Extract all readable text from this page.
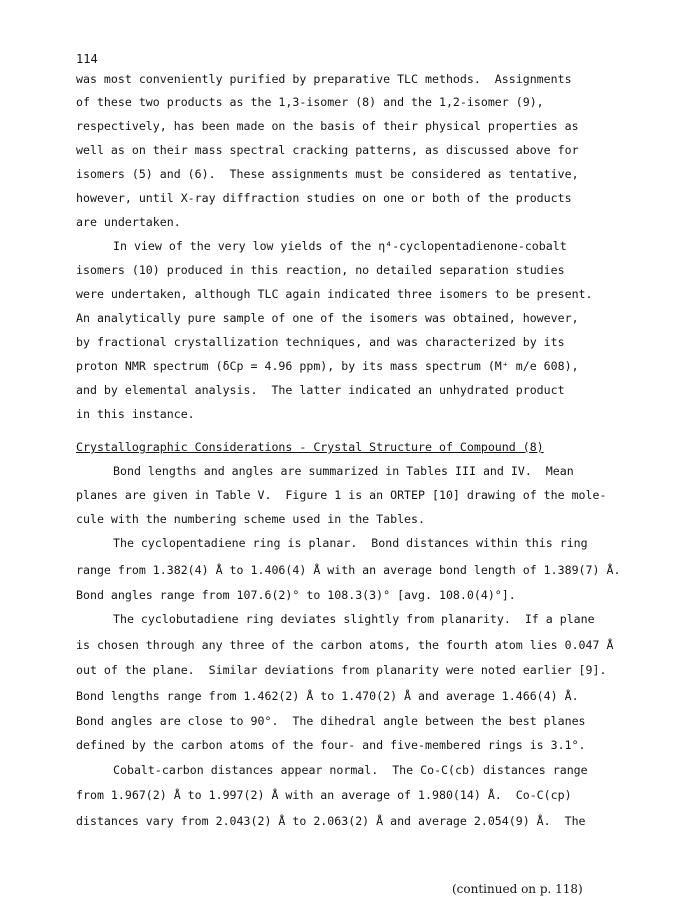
114
was most conveniently purified by preparative TLC methods.  Assignments
of these two products as the 1,3-isomer (8) and the 1,2-isomer (9),
respectively, has been made on the basis of their physical properties as
well as on their mass spectral cracking patterns, as discussed above for
isomers (5) and (6).  These assignments must be considered as tentative,
however, until X-ray diffraction studies on one or both of the products
are undertaken.
In view of the very low yields of the η⁴-cyclopentadienone-cobalt
isomers (10) produced in this reaction, no detailed separation studies
were undertaken, although TLC again indicated three isomers to be present.
An analytically pure sample of one of the isomers was obtained, however,
by fractional crystallization techniques, and was characterized by its
proton NMR spectrum (δCp = 4.96 ppm), by its mass spectrum (M⁺ m/e 608),
and by elemental analysis.  The latter indicated an unhydrated product
in this instance.
Crystallographic Considerations - Crystal Structure of Compound (8)
Bond lengths and angles are summarized in Tables III and IV.  Mean
planes are given in Table V.  Figure 1 is an ORTEP [10] drawing of the mole-
cule with the numbering scheme used in the Tables.
The cyclopentadiene ring is planar.  Bond distances within this ring
range from 1.382(4) Å to 1.406(4) Å with an average bond length of 1.389(7) Å.
Bond angles range from 107.6(2)° to 108.3(3)° [avg. 108.0(4)°].
The cyclobutadiene ring deviates slightly from planarity.  If a plane
is chosen through any three of the carbon atoms, the fourth atom lies 0.047 Å
out of the plane.  Similar deviations from planarity were noted earlier [9].
Bond lengths range from 1.462(2) Å to 1.470(2) Å and average 1.466(4) Å.
Bond angles are close to 90°.  The dihedral angle between the best planes
defined by the carbon atoms of the four- and five-membered rings is 3.1°.
Cobalt-carbon distances appear normal.  The Co-C(cb) distances range
from 1.967(2) Å to 1.997(2) Å with an average of 1.980(14) Å.  Co-C(cp)
distances vary from 2.043(2) Å to 2.063(2) Å and average 2.054(9) Å.  The
(continued on p. 118)
